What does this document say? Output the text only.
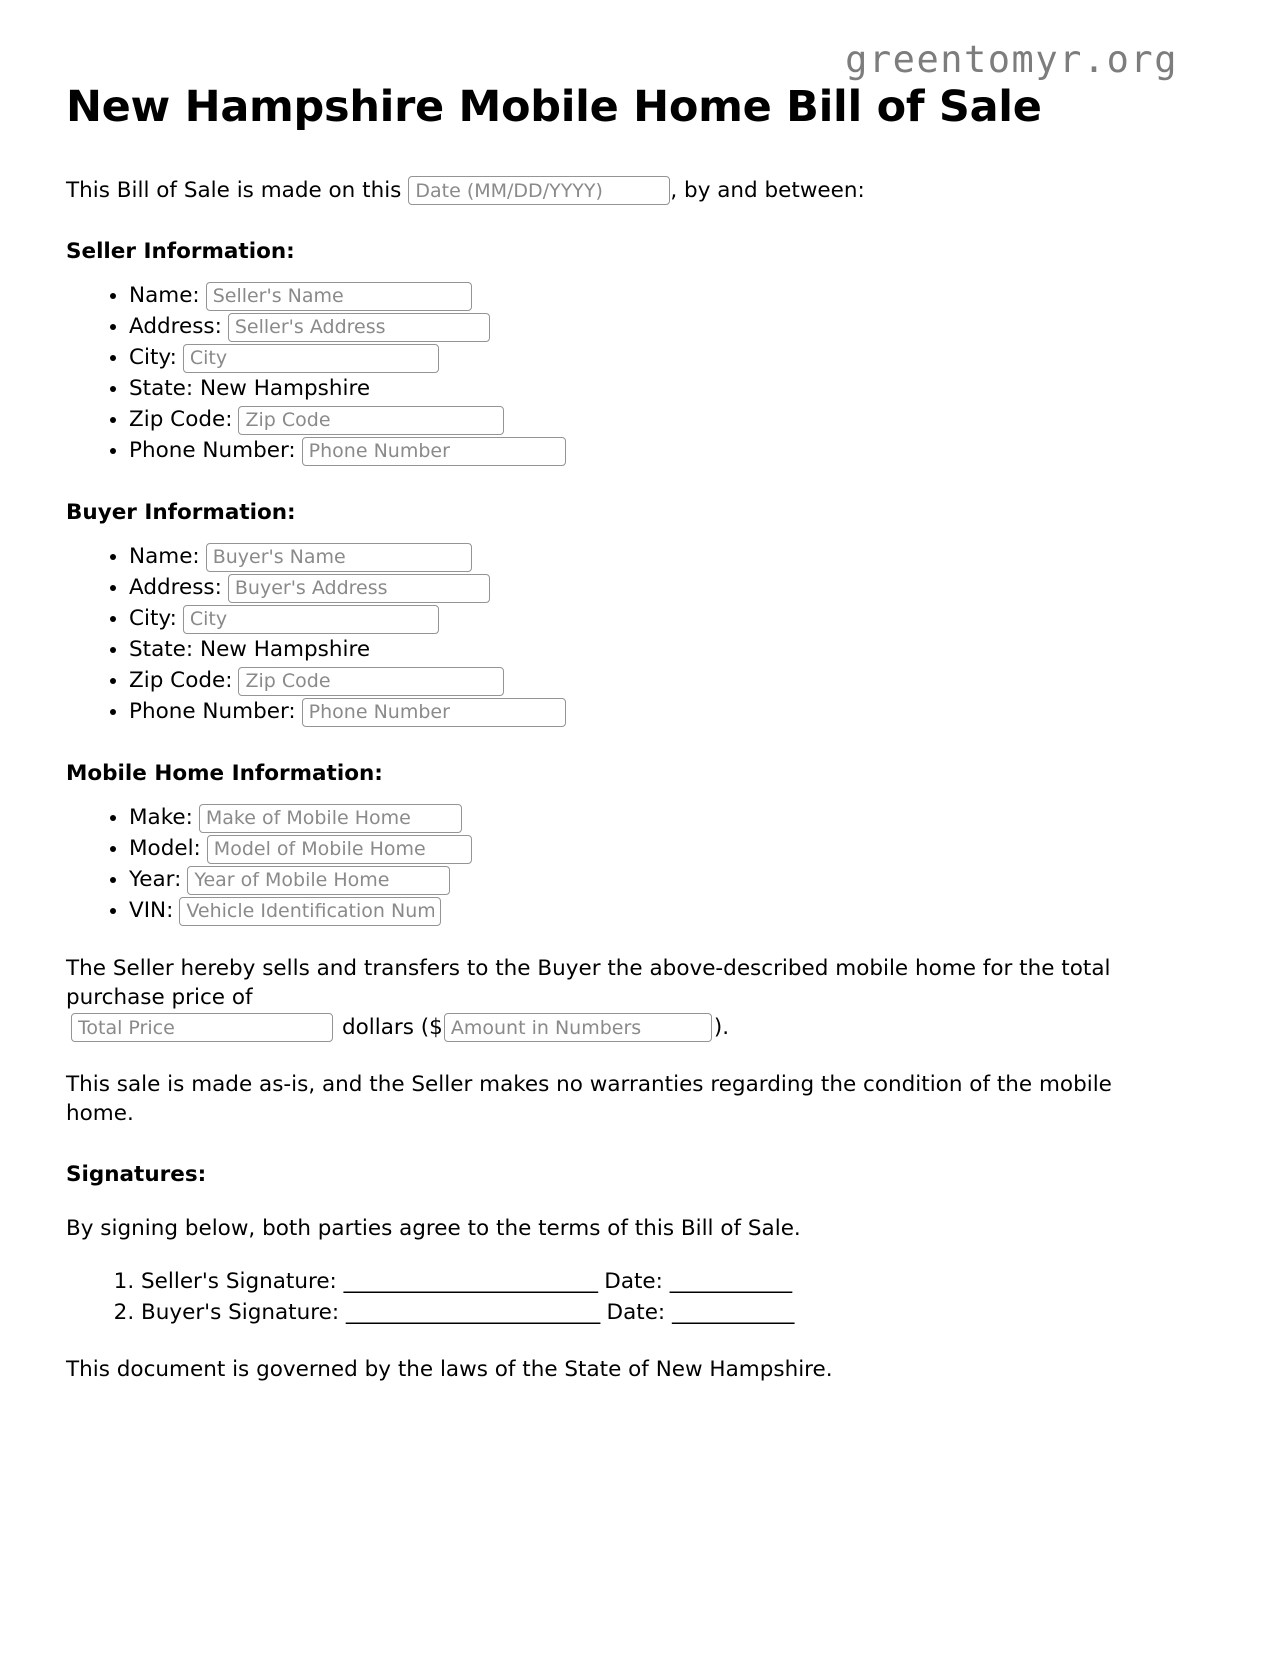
greentomyr.org
New Hampshire Mobile Home Bill of Sale
This Bill of Sale is made on this
Date (MM/DD/YYYY)	, by and between:
Seller Information:
• Name:
Seller's Name
• Address:
Seller's Address
• City:
City
• State: New Hampshire
• Zip Code:
Zip Code
• Phone Number:
Phone Number
Buyer Information:
• Name:
Buyer's Name
• Address:
Buyer's Address
• City:
City
• State: New Hampshire
• Zip Code:
Zip Code
• Phone Number:
Phone Number
Mobile Home Information:
• Make:
Make of Mobile Home
• Model:
Model of Mobile Home
• Year:
Year of Mobile Home
• VIN:
Vehicle Identification Num
The Seller hereby sells and transfers to the Buyer the above-described mobile home for the total purchase price of
Total Price
dollars ($
Amount in Numbers	).

This sale is made as-is, and the Seller makes no warranties regarding the condition of the mobile home.

Signatures:

By signing below, both parties agree to the terms of this Bill of Sale.

1. Seller's Signature: _________________________ Date: ____________
2. Buyer's Signature: _________________________ Date: ____________

This document is governed by the laws of the State of New Hampshire.
